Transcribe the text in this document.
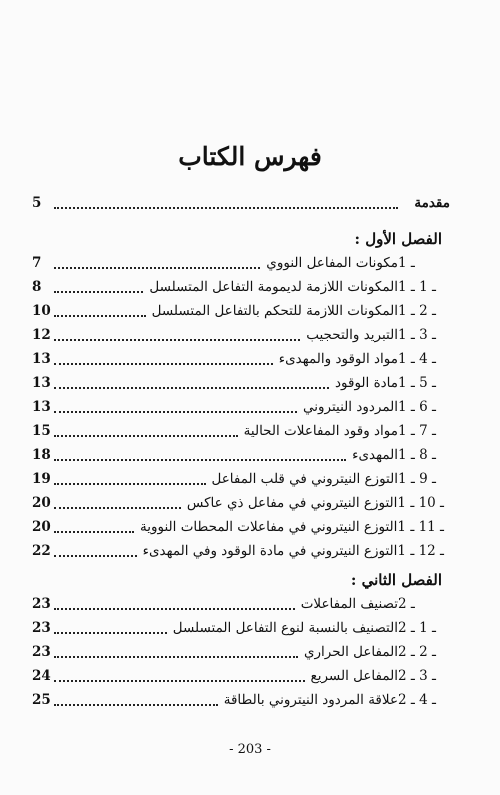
فهرس الكتاب
مقدمة
5
الفصل الأول :
1 ـ
مكونات المفاعل النووي
7
1 ـ 1 ـ
المكونات اللازمة لديمومة التفاعل المتسلسل
8
1 ـ 2 ـ
المكونات اللازمة للتحكم بالتفاعل المتسلسل
10
1 ـ 3 ـ
التبريد والتحجيب
12
1 ـ 4 ـ
مواد الوقود والمهدىء
13
1 ـ 5 ـ
مادة الوقود
13
1 ـ 6 ـ
المردود النيتروني
13
1 ـ 7 ـ
مواد وقود المفاعلات الحالية
15
1 ـ 8 ـ
المهدىء
18
1 ـ 9 ـ
التوزع النيتروني في قلب المفاعل
19
1 ـ 10 ـ
التوزع النيتروني في مفاعل ذي عاكس
20
1 ـ 11 ـ
التوزع النيتروني في مفاعلات المحطات النووية
20
1 ـ 12 ـ
التوزع النيتروني في مادة الوقود وفي المهدىء
22
الفصل الثاني :
2 ـ
تصنيف المفاعلات
23
2 ـ 1 ـ
التصنيف بالنسبة لنوع التفاعل المتسلسل
23
2 ـ 2 ـ
المفاعل الحراري
23
2 ـ 3 ـ
المفاعل السريع
24
2 ـ 4 ـ
علاقة المردود النيتروني بالطاقة
25
- 203 -
